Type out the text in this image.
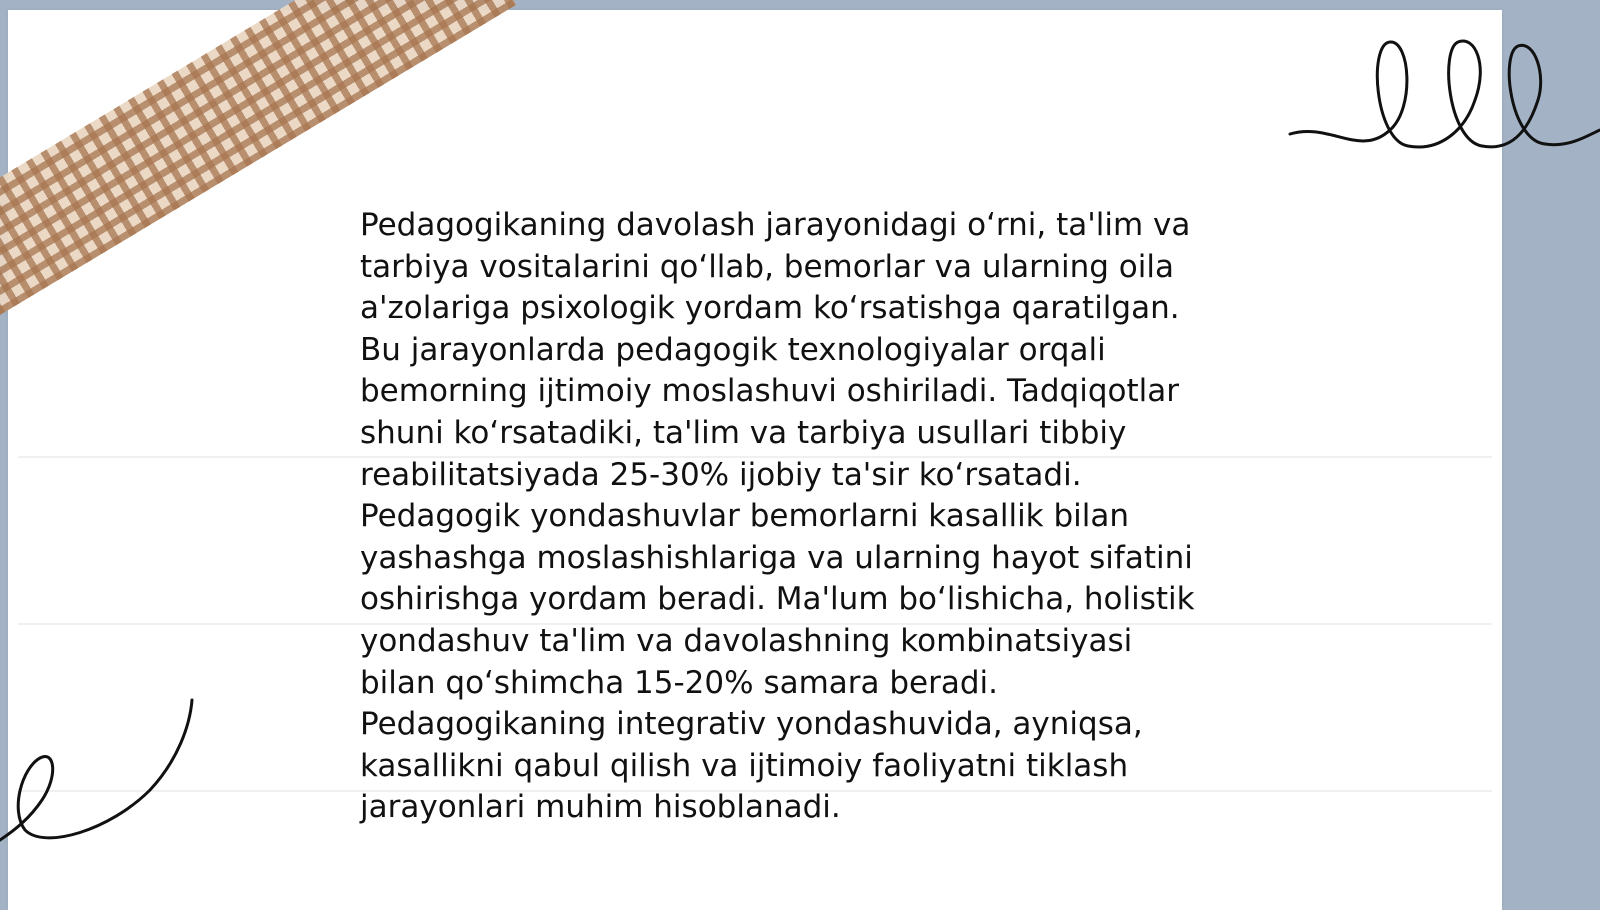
Pedagogikaning davolash jarayonidagi o‘rni, ta'lim va
tarbiya vositalarini qo‘llab, bemorlar va ularning oila
a'zolariga psixologik yordam ko‘rsatishga qaratilgan.
Bu jarayonlarda pedagogik texnologiyalar orqali
bemorning ijtimoiy moslashuvi oshiriladi. Tadqiqotlar
shuni ko‘rsatadiki, ta'lim va tarbiya usullari tibbiy
reabilitatsiyada 25-30% ijobiy ta'sir ko‘rsatadi.
Pedagogik yondashuvlar bemorlarni kasallik bilan
yashashga moslashishlariga va ularning hayot sifatini
oshirishga yordam beradi. Ma'lum bo‘lishicha, holistik
yondashuv ta'lim va davolashning kombinatsiyasi
bilan qo‘shimcha 15-20% samara beradi.
Pedagogikaning integrativ yondashuvida, ayniqsa,
kasallikni qabul qilish va ijtimoiy faoliyatni tiklash
jarayonlari muhim hisoblanadi.
